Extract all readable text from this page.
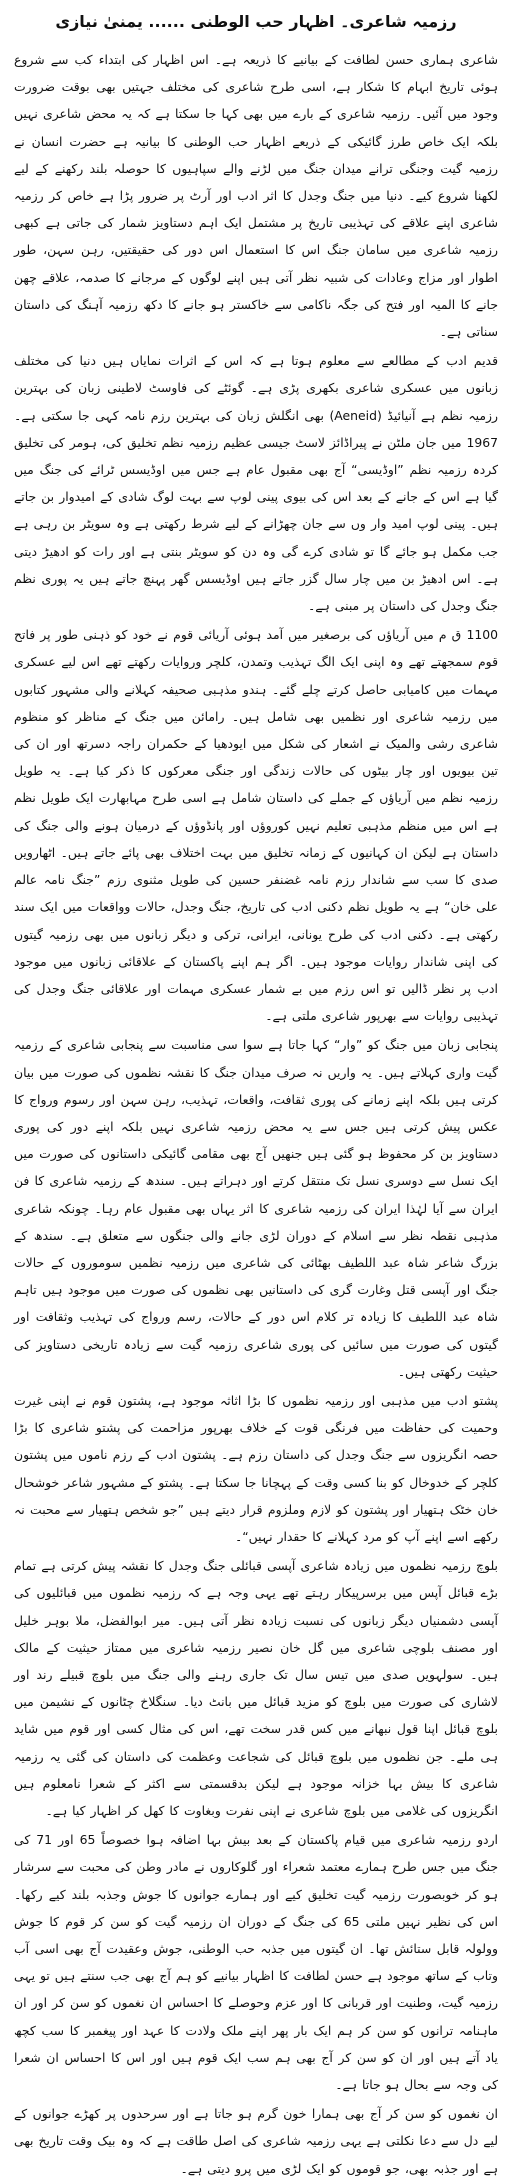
رزمیہ شاعری۔ اظہار حب الوطنی ...... یمنیٰ نیازی

شاعری ہماری حسن لطافت کے بیانیے کا ذریعہ ہے۔ اس اظہار کی ابتداء کب سے شروع ہوئی تاریخ ابہام کا شکار ہے، اسی طرح شاعری کی مختلف جہتیں بھی بوقت ضرورت وجود میں آئیں۔ رزمیہ شاعری کے بارے میں بھی کہا جا سکتا ہے کہ یہ محض شاعری نہیں بلکہ ایک خاص طرز گائیکی کے ذریعے اظہار حب الوطنی کا بیانیہ ہے حضرت انسان نے رزمیہ گیت وجنگی ترانے میدان جنگ میں لڑنے والے سپاہیوں کا حوصلہ بلند رکھنے کے لیے لکھنا شروع کیے۔ دنیا میں جنگ وجدل کا اثر ادب اور آرٹ پر ضرور پڑا ہے خاص کر رزمیہ شاعری اپنے علاقے کی تہذیبی تاریخ پر مشتمل ایک اہم دستاویز شمار کی جاتی ہے کبھی رزمیہ شاعری میں سامان جنگ اس کا استعمال اس دور کی حقیقتیں، رہن سہن، طور اطوار اور مزاج وعادات کی شبیہ نظر آتی ہیں اپنے لوگوں کے مرجانے کا صدمہ، علاقے چھن جانے کا المیہ اور فتح کی جگہ ناکامی سے خاکستر ہو جانے کا دکھ رزمیہ آہنگ کی داستان سناتی ہے۔

قدیم ادب کے مطالعے سے معلوم ہوتا ہے کہ اس کے اثرات نمایاں ہیں دنیا کی مختلف زبانوں میں عسکری شاعری بکھری پڑی ہے۔ گوئٹے کی فاوسٹ لاطینی زبان کی بہترین رزمیہ نظم ہے آنیائیڈ (Aeneid) بھی انگلش زبان کی بہترین رزم نامہ کہی جا سکتی ہے۔ 1967 میں جان ملٹن نے پیراڈائز لاسٹ جیسی عظیم رزمیہ نظم تخلیق کی، ہومر کی تخلیق کردہ رزمیہ نظم ”اوڈیسی“ آج بھی مقبول عام ہے جس میں اوڈیسس ٹرائے کی جنگ میں گیا ہے اس کے جانے کے بعد اس کی بیوی پینی لوپ سے بہت لوگ شادی کے امیدوار بن جاتے ہیں۔ پینی لوپ امید وار وں سے جان چھڑانے کے لیے شرط رکھتی ہے وہ سویٹر بن رہی ہے جب مکمل ہو جائے گا تو شادی کرے گی وہ دن کو سویٹر بنتی ہے اور رات کو ادھیڑ دیتی ہے۔ اس ادھیڑ بن میں چار سال گزر جاتے ہیں اوڈیسس گھر پہنچ جاتے ہیں یہ پوری نظم جنگ وجدل کی داستان پر مبنی ہے۔

1100 ق م میں آریاؤں کی برصغیر میں آمد ہوئی آریائی قوم نے خود کو ذہنی طور پر فاتح قوم سمجھتے تھے وہ اپنی ایک الگ تہذیب وتمدن، کلچر وروایات رکھتے تھے اس لیے عسکری مہمات میں کامیابی حاصل کرتے چلے گئے۔ ہندو مذہبی صحیفہ کہلانے والی مشہور کتابوں میں رزمیہ شاعری اور نظمیں بھی شامل ہیں۔ رامائن میں جنگ کے مناظر کو منظوم شاعری رشی والمیک نے اشعار کی شکل میں ایودھیا کے حکمران راجہ دسرتھ اور ان کی تین بیویوں اور چار بیٹوں کی حالات زندگی اور جنگی معرکوں کا ذکر کیا ہے۔ یہ طویل رزمیہ نظم میں آریاؤں کے جملے کی داستان شامل ہے اسی طرح مہابھارت ایک طویل نظم ہے اس میں منظم مذہبی تعلیم نہیں کوروؤں اور پانڈوؤں کے درمیان ہونے والی جنگ کی داستان ہے لیکن ان کہانیوں کے زمانہ تخلیق میں بہت اختلاف بھی پائے جاتے ہیں۔ اٹھارویں صدی کا سب سے شاندار رزم نامہ غضنفر حسین کی طویل مثنوی رزم ”جنگ نامہ عالم علی خان“ ہے یہ طویل نظم دکنی ادب کی تاریخ، جنگ وجدل، حالات وواقعات میں ایک سند رکھتی ہے۔ دکنی ادب کی طرح یونانی، ایرانی، ترکی و دیگر زبانوں میں بھی رزمیہ گیتوں کی اپنی شاندار روایات موجود ہیں۔ اگر ہم اپنے پاکستان کے علاقائی زبانوں میں موجود ادب پر نظر ڈالیں تو اس رزم میں بے شمار عسکری مہمات اور علاقائی جنگ وجدل کی تہذیبی روایات سے بھرپور شاعری ملتی ہے۔

پنجابی زبان میں جنگ کو ”وار“ کہا جاتا ہے سوا سی مناسبت سے پنجابی شاعری کے رزمیہ گیت واری کہلاتے ہیں۔ یہ واریں نہ صرف میدان جنگ کا نقشہ نظموں کی صورت میں بیان کرتی ہیں بلکہ اپنے زمانے کی پوری ثقافت، واقعات، تہذیب، رہن سہن اور رسوم ورواج کا عکس پیش کرتی ہیں جس سے یہ محض رزمیہ شاعری نہیں بلکہ اپنے دور کی پوری دستاویز بن کر محفوظ ہو گئی ہیں جنھیں آج بھی مقامی گائیکی داستانوں کی صورت میں ایک نسل سے دوسری نسل تک منتقل کرتے اور دہراتے ہیں۔ سندھ کے رزمیہ شاعری کا فن ایران سے آیا لہٰذا ایران کی رزمیہ شاعری کا اثر یہاں بھی مقبول عام رہا۔ چونکہ شاعری مذہبی نقطہ نظر سے اسلام کے دوران لڑی جانے والی جنگوں سے متعلق ہے۔ سندھ کے بزرگ شاعر شاہ عبد اللطیف بھٹائی کی شاعری میں رزمیہ نظمیں سوموروں کے حالات جنگ اور آپسی قتل وغارت گری کی داستانیں بھی نظموں کی صورت میں موجود ہیں تاہم شاہ عبد اللطیف کا زیادہ تر کلام اس دور کے حالات، رسم ورواج کی تہذیب وثقافت اور گیتوں کی صورت میں سائیں کی پوری شاعری رزمیہ گیت سے زیادہ تاریخی دستاویز کی حیثیت رکھتی ہیں۔

پشتو ادب میں مذہبی اور رزمیہ نظموں کا بڑا اثاثہ موجود ہے، پشتون قوم نے اپنی غیرت وحمیت کی حفاظت میں فرنگی قوت کے خلاف بھرپور مزاحمت کی پشتو شاعری کا بڑا حصہ انگریزوں سے جنگ وجدل کی داستان رزم ہے۔ پشتون ادب کے رزم ناموں میں پشتون کلچر کے خدوخال کو بنا کسی وقت کے پہچانا جا سکتا ہے۔ پشتو کے مشہور شاعر خوشحال خان خٹک ہتھیار اور پشتون کو لازم وملزوم قرار دیتے ہیں ”جو شخص ہتھیار سے محبت نہ رکھے اسے اپنے آپ کو مرد کہلانے کا حقدار نہیں“۔

بلوچ رزمیہ نظموں میں زیادہ شاعری آپسی قبائلی جنگ وجدل کا نقشہ پیش کرتی ہے تمام بڑے قبائل آپس میں برسرپیکار رہتے تھے یہی وجہ ہے کہ رزمیہ نظموں میں قبائلیوں کی آپسی دشمنیاں دیگر زبانوں کی نسبت زیادہ نظر آتی ہیں۔ میر ابوالفضل، ملا بوہر خلیل اور مصنف بلوچی شاعری میں گل خان نصیر رزمیہ شاعری میں ممتاز حیثیت کے مالک ہیں۔ سولہویں صدی میں تیس سال تک جاری رہنے والی جنگ میں بلوچ قبیلے رند اور لاشاری کی صورت میں بلوچ کو مزید قبائل میں بانٹ دیا۔ سنگلاخ چٹانوں کے نشیمن میں بلوچ قبائل اپنا قول نبھانے میں کس قدر سخت تھے، اس کی مثال کسی اور قوم میں شاید ہی ملے۔ جن نظموں میں بلوچ قبائل کی شجاعت وعظمت کی داستان کی گئی یہ رزمیہ شاعری کا بیش بہا خزانہ موجود ہے لیکن بدقسمتی سے اکثر کے شعرا نامعلوم ہیں انگریزوں کی غلامی میں بلوچ شاعری نے اپنی نفرت وبغاوت کا کھل کر اظہار کیا ہے۔

اردو رزمیہ شاعری میں قیام پاکستان کے بعد بیش بہا اضافہ ہوا خصوصاً 65 اور 71 کی جنگ میں جس طرح ہمارے معتمد شعراء اور گلوکاروں نے مادر وطن کی محبت سے سرشار ہو کر خوبصورت رزمیہ گیت تخلیق کیے اور ہمارے جوانوں کا جوش وجذبہ بلند کیے رکھا۔ اس کی نظیر نہیں ملتی 65 کی جنگ کے دوران ان رزمیہ گیت کو سن کر قوم کا جوش وولولہ قابل ستائش تھا۔ ان گیتوں میں جذبہ حب الوطنی، جوش وعقیدت آج بھی اسی آب وتاب کے ساتھ موجود ہے حسن لطافت کا اظہار بیانیے کو ہم آج بھی جب سنتے ہیں تو یہی رزمیہ گیت، وطنیت اور قربانی کا اور عزم وحوصلے کا احساس ان نغموں کو سن کر اور ان ماہنامہ ترانوں کو سن کر ہم ایک بار پھر اپنے ملک ولادت کا عہد اور پیغمبر کا سب کچھ یاد آتے ہیں اور ان کو سن کر آج بھی ہم سب ایک قوم ہیں اور اس کا احساس ان شعرا کی وجہ سے بحال ہو جاتا ہے۔

ان نغموں کو سن کر آج بھی ہمارا خون گرم ہو جاتا ہے اور سرحدوں پر کھڑے جوانوں کے لیے دل سے دعا نکلتی ہے یہی رزمیہ شاعری کی اصل طاقت ہے کہ وہ بیک وقت تاریخ بھی ہے اور جذبہ بھی، جو قوموں کو ایک لڑی میں پرو دیتی ہے۔
